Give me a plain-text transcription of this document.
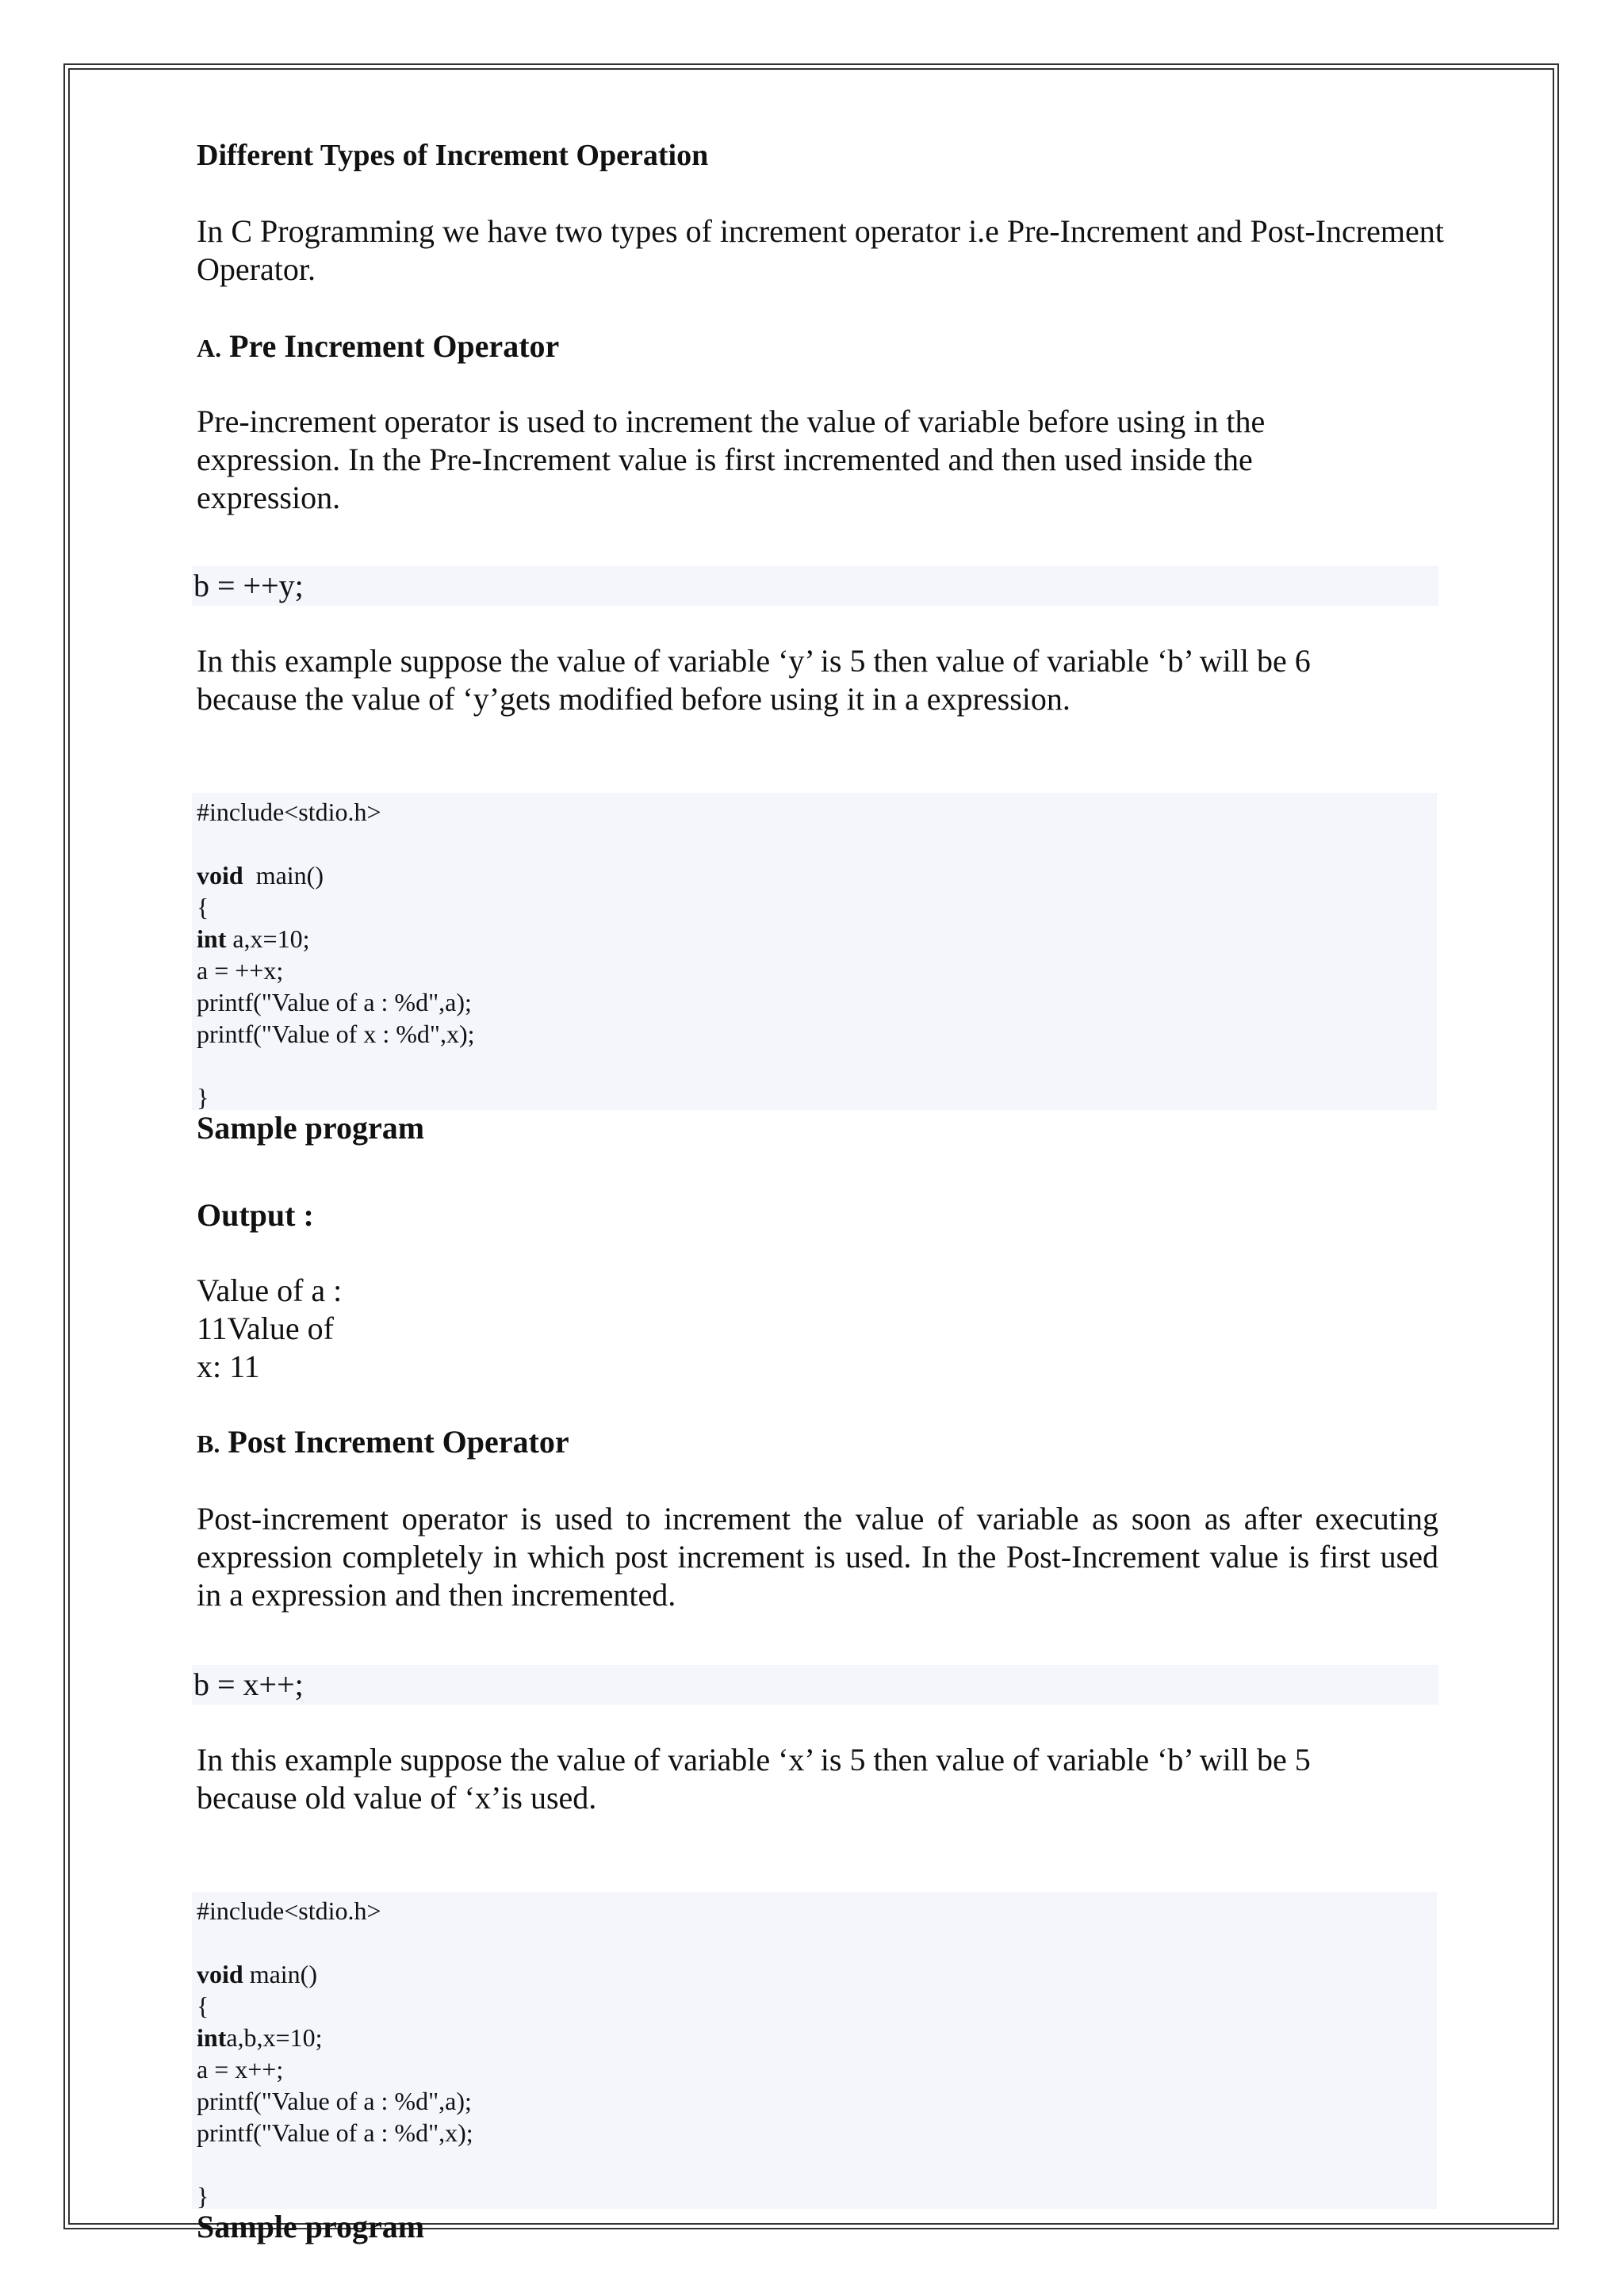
Different Types of Increment Operation

In C Programming we have two types of increment operator i.e Pre-Increment and Post-Increment Operator.

A. Pre Increment Operator

Pre-increment operator is used to increment the value of variable before using in the expression. In the Pre-Increment value is first incremented and then used inside the expression.

b = ++y;

In this example suppose the value of variable ‘y’ is 5 then value of variable ‘b’ will be 6 because the value of ‘y’gets modified before using it in a expression.

#include<stdio.h>
void  main()
{
int a,x=10;
a = ++x;
printf("Value of a : %d",a);
printf("Value of x : %d",x);
}

Sample program

Output :

Value of a :
11Value of
x: 11
B. Post Increment Operator

Post-increment operator is used to increment the value of variable as soon as after executing expression completely in which post increment is used. In the Post-Increment value is first used in a expression and then incremented.

b = x++;

In this example suppose the value of variable ‘x’ is 5 then value of variable ‘b’ will be 5 because old value of ‘x’is used.

#include<stdio.h>
void main()
{
inta,b,x=10;
a = x++;
printf("Value of a : %d",a);
printf("Value of a : %d",x);
}

Sample program
